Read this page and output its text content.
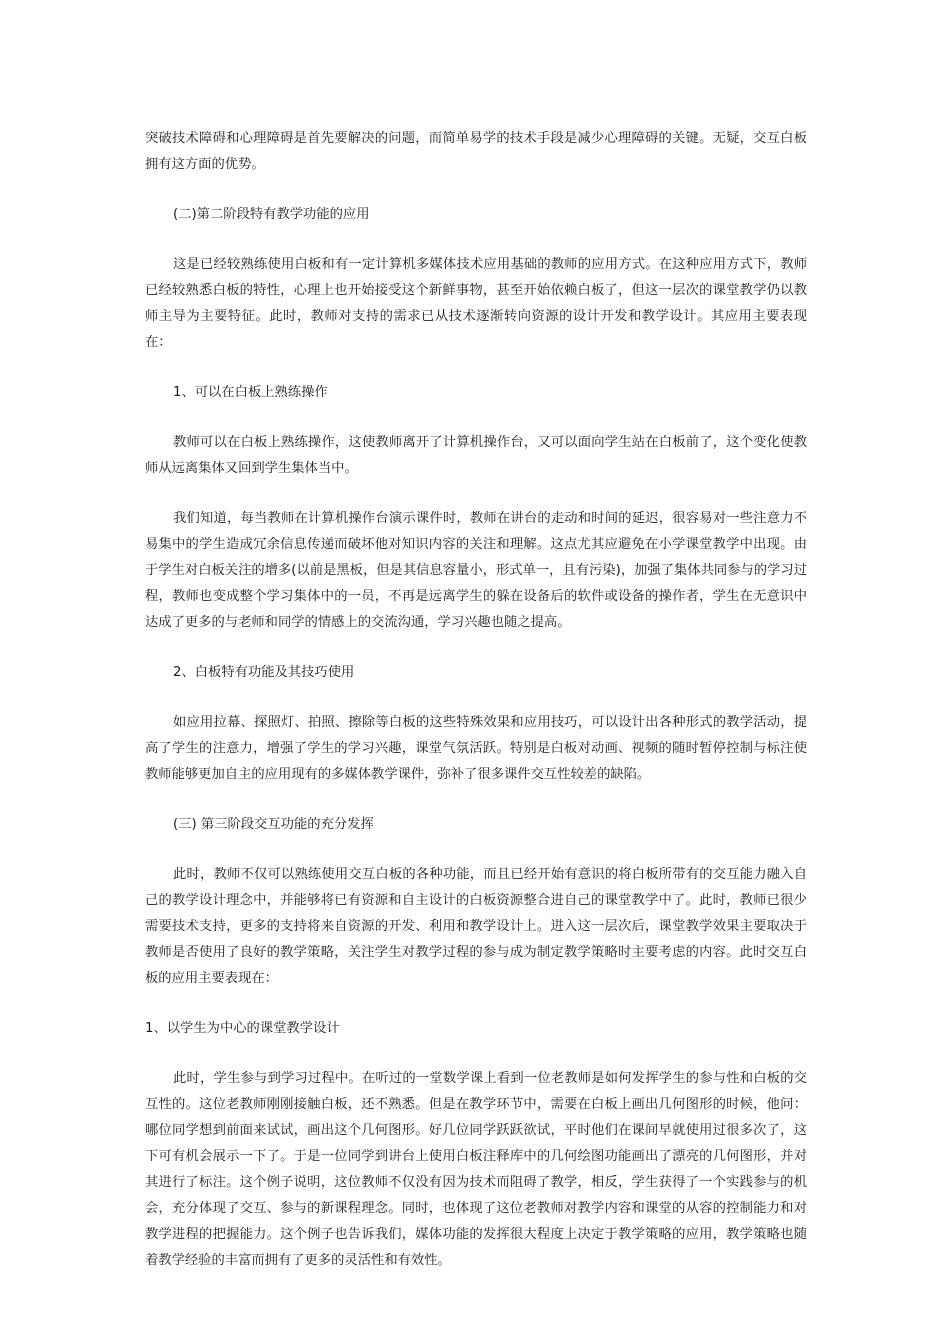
突破技术障碍和心理障碍是首先要解决的问题，而简单易学的技术手段是减少心理障碍的关键。无疑，交互白板拥有这方面的优势。

(二)第二阶段特有教学功能的应用

这是已经较熟练使用白板和有一定计算机多媒体技术应用基础的教师的应用方式。在这种应用方式下，教师已经较熟悉白板的特性，心理上也开始接受这个新鲜事物，甚至开始依赖白板了，但这一层次的课堂教学仍以教师主导为主要特征。此时，教师对支持的需求已从技术逐渐转向资源的设计开发和教学设计。其应用主要表现在：

1、可以在白板上熟练操作

教师可以在白板上熟练操作，这使教师离开了计算机操作台，又可以面向学生站在白板前了，这个变化使教师从远离集体又回到学生集体当中。

我们知道，每当教师在计算机操作台演示课件时，教师在讲台的走动和时间的延迟，很容易对一些注意力不易集中的学生造成冗余信息传递而破坏他对知识内容的关注和理解。这点尤其应避免在小学课堂教学中出现。由于学生对白板关注的增多(以前是黑板，但是其信息容量小，形式单一，且有污染)，加强了集体共同参与的学习过程，教师也变成整个学习集体中的一员，不再是远离学生的躲在设备后的软件或设备的操作者，学生在无意识中达成了更多的与老师和同学的情感上的交流沟通，学习兴趣也随之提高。

2、白板特有功能及其技巧使用

如应用拉幕、探照灯、拍照、擦除等白板的这些特殊效果和应用技巧，可以设计出各种形式的教学活动，提高了学生的注意力，增强了学生的学习兴趣，课堂气氛活跃。特别是白板对动画、视频的随时暂停控制与标注使教师能够更加自主的应用现有的多媒体教学课件，弥补了很多课件交互性较差的缺陷。

(三) 第三阶段交互功能的充分发挥

此时，教师不仅可以熟练使用交互白板的各种功能，而且已经开始有意识的将白板所带有的交互能力融入自己的教学设计理念中，并能够将已有资源和自主设计的白板资源整合进自己的课堂教学中了。此时，教师已很少需要技术支持，更多的支持将来自资源的开发、利用和教学设计上。进入这一层次后，课堂教学效果主要取决于教师是否使用了良好的教学策略，关注学生对教学过程的参与成为制定教学策略时主要考虑的内容。此时交互白板的应用主要表现在：

1、以学生为中心的课堂教学设计

此时，学生参与到学习过程中。在听过的一堂数学课上看到一位老教师是如何发挥学生的参与性和白板的交互性的。这位老教师刚刚接触白板，还不熟悉。但是在教学环节中，需要在白板上画出几何图形的时候，他问：哪位同学想到前面来试试，画出这个几何图形。好几位同学跃跃欲试，平时他们在课间早就使用过很多次了，这下可有机会展示一下了。于是一位同学到讲台上使用白板注释库中的几何绘图功能画出了漂亮的几何图形，并对其进行了标注。这个例子说明，这位教师不仅没有因为技术而阻碍了教学，相反，学生获得了一个实践参与的机会，充分体现了交互、参与的新课程理念。同时，也体现了这位老教师对教学内容和课堂的从容的控制能力和对教学进程的把握能力。这个例子也告诉我们，媒体功能的发挥很大程度上决定于教学策略的应用，教学策略也随着教学经验的丰富而拥有了更多的灵活性和有效性。
